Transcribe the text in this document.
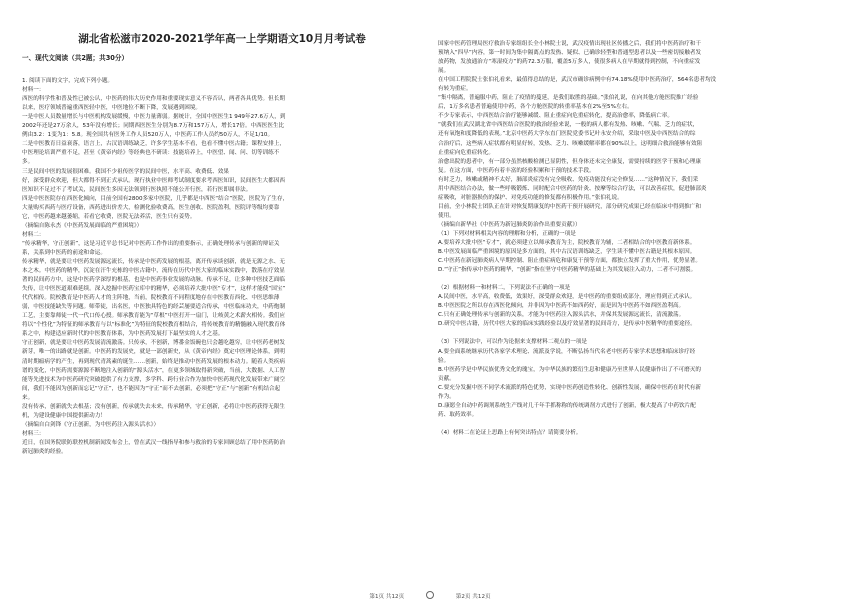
湖北省松滋市2020-2021学年高一上学期语文10月月考试卷

一、现代文阅读（共2题；共30分）

1. 阅读下面的文字，完成下列小题。

材料一：

西医的科学性和普及性已被公认，中医药的伟大历史作用和重要现实意义不容否认，两者各具优势。但长期

以来，医疗领域普遍重西医轻中医，中医地位不断下降，发展遇到困境。

一是中医人员数量增长与中医机构发展缓慢，中医力量薄弱。据统计，全国中医医生1 949年27.6万人，到

2002年还是27万余人，53年没有增长；同期西医医生分别为8.7万和157万人，增长17倍。中西医医生比

例由3.2：1变为1：5.8。现全国共有医务工作人员520万人，中医药工作人员约50万人，不足1/10。

二是中医教育日益衰落，语言上，古汉语训练缺乏，许多学生基本不看，也看不懂中医古籍；课程安排上，

中医理论培训严重不足，甚至《黄帝内经》等经典也不研读：技能培养上，中医望、闻、问、切等训练不

多。

三是民间中医的发展很困难。我国不少祖传医学的民间中医，水平高、收费低、效果

好，深受群众欢迎，但大都得不到正式承认。现行执业中医师考试制度要求考西医知识，民间医生大都因西

医知识不足过不了考试关，民间医生多因无法领到行医执照不能公开行医，若行医即属非法。

四是中医医院存在西医化倾向，目前全国有2800多家中医院，几乎都是中西医“结合”医院，医院为了生存，

大量购买西药与医疗设备，西药进出价差大，检测化验收费高，医生创收、医院盈利，医院评等级均要靠

它，中医药越来越萎缩，若看它收费，医院无法养活，医生只有姜势。

（摘编自陈永杰《中医药发展面临的严重困境》）

材料二：

“传承精华，守正创新”，这是习近平总书记对中医药工作作出的重要指示，正确处理传承与创新的辩证关

系，关系到中医药的前途和命运。

传承精华，就是要让中医药发展源远流长，传承是中医药发展的根基，离开传承谈创新，就是无源之水、无

本之木。中医药的精华，沉淀在汗牛充栋的中医古籍中，流传在历代中医大家的临床实践中，散落在疗效显

著的民间药方中，这是中医药学深厚的根基，也是中医药事业发展的动脉。传承不足，让多种中医技艺面临

失传，让中医医道艰难延续。深入挖掘中医药宝库中的精华，必须培养大批中医“专才”，这样才能使“国宝”

代代相传。院校教育是中医药人才的主阵地，当前，院校教育不同程度地存在中医教育西化、中医思维薄

弱，中医技能缺失等问题。师带徒，出名医，中医独具特色的经芸屡要适合传承，中医临床功夫，中药炮制

工艺，主要靠师徒一代一代口传心授。师承教育能为“草根”中医打开一扇门，让岐黄之术薪火相传。我们应

将以“个性化”为特征的师承教育与以“标准化”为特征的院校教育相结合，将传统教育的精髓融入现代教育体

系之中，构建适应新时代的中医教育体系，为中医药发展打下最坚实的人才之基。

守正创新，就是要让中医药发展清流激荡。只传承，不创新，博番金饭碗也只会越吃越穷，让中医药老树发

新芽，唯一的出路就是创新。中医药的发展史，就是一部创新史，从《黄帝内经》奠定中医理论体系，到明

清时期瘟病学的产生，再到现代青蒿素的诞生……创新，始终是推动中医药发展的根本动力。随着人类疾病

谱的变化，中医药需要源源不断地注入创新的“源头活水”，在更多领域取得新突破，当前，大数据、人工智

能等先进技术为中医药研究突破提供了有力支撑，多学科、跨行业合作为加快中医药现代化发展带来广阔空

间，我们不能因为创新而忘记“守正”，也不能因为“守正”而不去创新，必须把“守正”与“创新”有机结合起

来。

没有传承，创新就失去根基；没有创新，传承就失去未来，传承精华，守正创新，必将让中医药获得无限生

机，为建设健康中国提供新动力！

（摘编自白剑锋《守正创新，为中医药注入源头活水》）

材料三：

近日，在国务院联防联控机制新闻发布会上，曾在武汉一线指导和参与救治的专家回顾总结了用中医药防治

新冠肺炎的经验。

国家中医药管理局医疗救治专家组组长全小林院士说，武汉疫情出现社区传播之后，我们将中医药治疗和干

预纳入“四早”内容，第一时间为集中隔离点的发热、疑似、已确诊轻型和普通型患者以及一些密切接触者发

放药物，发放通治方“寒湿疫方”的药72.3万服，覆盖5万多人，使很多病人在早期就得到控制，不向重症发

展。

在中国工程院院士张伯礼看来，最值得总结的是，武汉市确诊病例中有74.18%使用中医药治疗，564名患者均没

有转为重症。

“集中隔离，普遍服中药，阻止了疫情的蔓延，是我们取胜的基础。”张伯礼说，在向其他方舱医院推广经验

后，1万多名患者普遍使用中药，各个方舱医院的转重率基本在2%至5%左右。

不少专家表示，中西医结合治疗能够减缓、阻止重症向危重症转化，提高治愈率，降低病亡率。

“就我们在武汉湖北省中西医结合医院的救治经验来说，一般的病人都有发热、咳嗽、气喘、乏力的症状，

还有氧饱和度降低的表现。”北京中医药大学东直门医院党委书记叶永安介绍，采取中医及中西医结合的综

合治疗后，这些病人症状都有明显好转，发热、乏力、咳嗽缓解率都在90%以上，这明细合救治能够有效阻

止重症向危重症转化。

治愈出院的患者中，有一部分虽然核酸检测已显阴性，但身体还未完全康复，需要持续的医学干预和心理康

复。在这方面，中医药有着丰富的经验积累和干预的技术手段。

有时乏力，咳嗽或精神不太好，肺部炎症没有完全吸收、免疫功能没有完全修复……“这种情况下，我们采

用中西医结合办法，做一些呼吸锻炼、同时配合中医药的针灸、按摩等综合疗法，可以改善症状，促进肺部炎

症吸收，对脏器损伤的保护、对免疫功能的修复都有积极作用。”张伯礼说。

目前，全小林院士团队正在针对恢复期康复的中医药干预开展研究，部分研究成果已经在临床中得到推广和

使用。

（摘编自新华社《中医药为新冠肺炎防治作出重要贡献》）

（1）下列对材料相关内容的理解和分析，正确的一项是

A.要培养大批中医“专才”，就必须建立以师承教育为主，院校教育为辅，二者相结合的中医教育新体系。

B.中医发展面临严重困境的原因是多方面的，其中古汉语训练缺乏，学生读不懂中医古籍是其根本原因。

C.中医药在新冠肺炎病人早期控制、阻止重症病危和康复干预等方面，都独立发挥了重大作用，优势显著。

D.“守正”指传承中医药的精华，“创新”指在坚守中医药精华的基础上为其发展注入动力，二者不可割裂。

（2）根据材料一和材料二，下列说法不正确的一项是

A.民间中医，水平高，收费低，效果好，深受群众欢迎，是中医药的重要组成部分，理应得到正式承认。

B.中医医院之所以存在西医化倾向，并非因为中医药不如西药好，而是因为中医药不如西医盈利高。

C.只有正确处理传承与创新的关系，才能为中医药注入源头活水，并保其发展源远流长，清流激荡。

D.研究中医古籍，历代中医大家的临床实践经验以及疗效显著的民间奇方，是传承中医精华的重要途径。

（3）下列说法中，可以作为论据来支撑材料二观点的一项是

A.要全面系统继承历代各家学术理论、流派及学说，不断弘扬当代名老中医药专家学术思想和临床诊疗经

验。

B.中医药学是中华民族优秀文化的瑰宝，为中华民族的繁衍生息和健康乃至世界人民健康作出了不可磨灭的

贡献。

C.要充分发掘中医不同学术流派的特色优势，实现中医药创造性转化、创新性发展，确保中医药在时代有新

作为。

D.康愿全自动中药调剂系统生产线对几千年手抓称称的传统调剂方式进行了创新，极大提高了中药饮片配

药、取药效率。

（4）材料二在论证上思路上有何突出特点？请简要分析。

第1页 共12页	第2页 共12页
